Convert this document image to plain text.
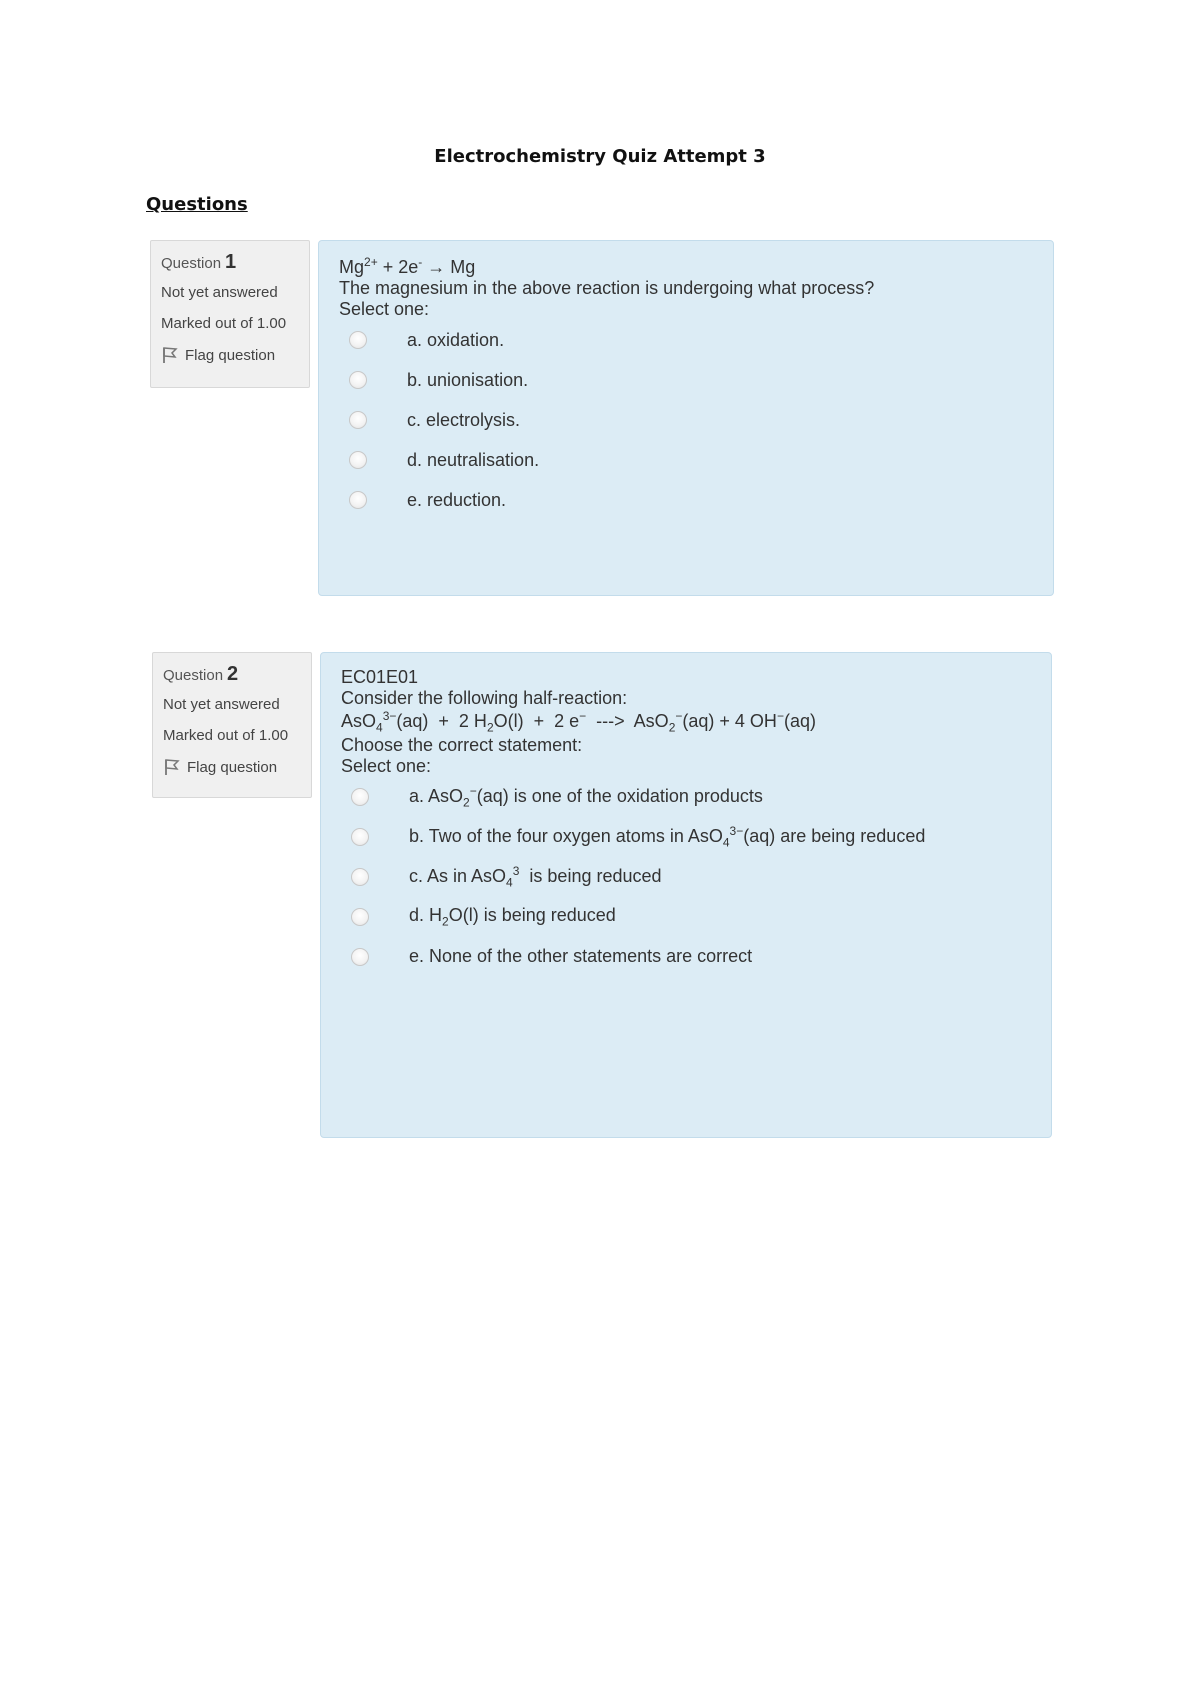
Electrochemistry Quiz Attempt 3
Questions
Question 1
Not yet answered
Marked out of 1.00
Flag question

$Mg^{2+} + 2e^- \to Mg$

The magnesium in the above reaction is undergoing what process?

Select one:

a. oxidation.
b. unionisation.
c. electrolysis.
d. neutralisation.
e. reduction.
Question 2
Not yet answered
Marked out of 1.00
Flag question

EC01E01

Consider the following half-reaction:

AsO$_4^{3-}$(aq)  +  2 $H_2O(l) + 2$ e−  --->  AsO$_2$−(aq) + 4 OH−(aq)

Choose the correct statement:

Select one:

a. AsO$_2$−(aq) is one of the oxidation products
b. Two of the four oxygen atoms in AsO$_4^{3-}$(aq) are being reduced
c. As in AsO$_4^3$  is being reduced
d. $H_2O(l)$ is being reduced
e. None of the other statements are correct
